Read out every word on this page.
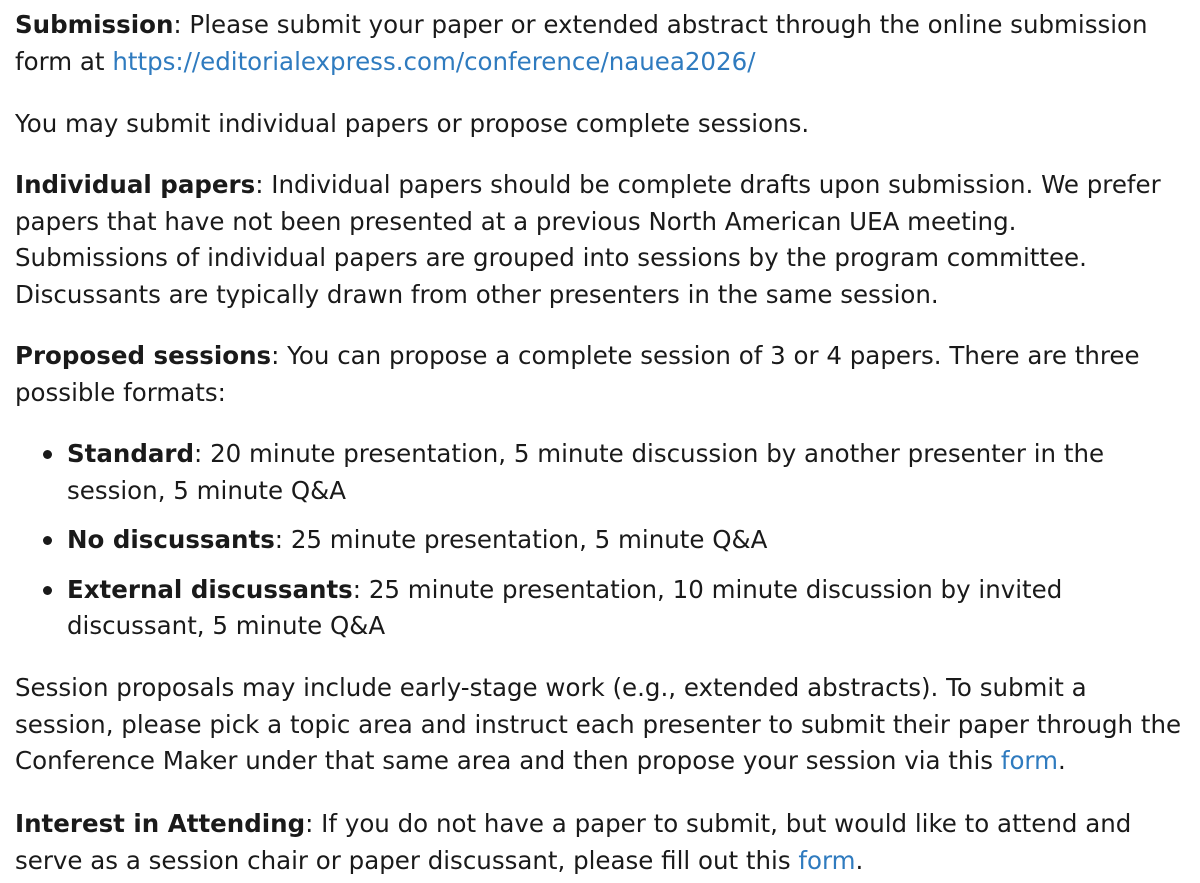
Submission: Please submit your paper or extended abstract through the online submission form at https://editorialexpress.com/conference/nauea2026/

You may submit individual papers or propose complete sessions.

Individual papers: Individual papers should be complete drafts upon submission. We prefer papers that have not been presented at a previous North American UEA meeting. Submissions of individual papers are grouped into sessions by the program committee. Discussants are typically drawn from other presenters in the same session.

Proposed sessions: You can propose a complete session of 3 or 4 papers. There are three possible formats:

Standard: 20 minute presentation, 5 minute discussion by another presenter in the session, 5 minute Q&A
No discussants: 25 minute presentation, 5 minute Q&A
External discussants: 25 minute presentation, 10 minute discussion by invited discussant, 5 minute Q&A

Session proposals may include early-stage work (e.g., extended abstracts). To submit a session, please pick a topic area and instruct each presenter to submit their paper through the Conference Maker under that same area and then propose your session via this form.

Interest in Attending: If you do not have a paper to submit, but would like to attend and serve as a session chair or paper discussant, please fill out this form.
